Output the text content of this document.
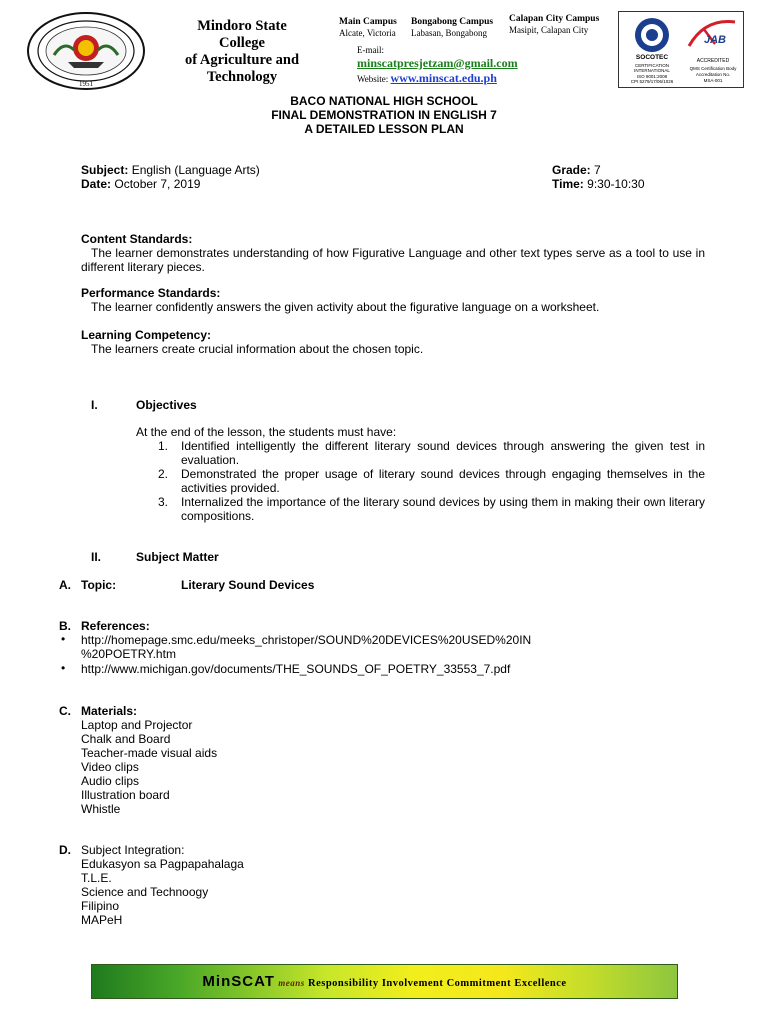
1951
Mindoro State
College
of Agriculture and
Technology
Main Campus
Alcate, Victoria
Bongabong Campus
Labasan, Bongabong
Calapan City Campus
Masipit, Calapan City
E-mail:
minscatpresjetzam@gmail.com
Website: www.minscat.edu.ph
SOCOTEC
CERTIFICATION INTERNATIONAL
ISO 9001:2008
CPI 5279/17/06/1026
JAB
ACCREDITED
QMS Certification Body
Accreditation No.
MSA-001
BACO NATIONAL HIGH SCHOOL
FINAL DEMONSTRATION IN ENGLISH 7
A DETAILED LESSON PLAN
Subject: English (Language Arts)
Date: October 7, 2019
Grade: 7
Time: 9:30-10:30
Content Standards:
The learner demonstrates understanding of how Figurative Language and other text types serve as a tool to use in different literary pieces.
Performance Standards:
The learner confidently answers the given activity about the figurative language on a worksheet.
Learning Competency:
The learners create crucial information about the chosen topic.
I.	Objectives
At the end of the lesson, the students must have:
1. Identified intelligently the different literary sound devices through answering the given test in evaluation.
2. Demonstrated the proper usage of literary sound devices through engaging themselves in the activities provided.
3. Internalized the importance of the literary sound devices by using them in making their own literary compositions.
II.	Subject Matter
A. Topic:	Literary Sound Devices
B. References:
• http://homepage.smc.edu/meeks_christoper/SOUND%20DEVICES%20USED%20IN
%20POETRY.htm
• http://www.michigan.gov/documents/THE_SOUNDS_OF_POETRY_33553_7.pdf
C. Materials:
Laptop and Projector
Chalk and Board
Teacher-made visual aids
Video clips
Audio clips
Illustration board
Whistle
D. Subject Integration:
Edukasyon sa Pagpapahalaga
T.L.E.
Science and Technoogy
Filipino
MAPeH
MinSCAT means Responsibility Involvement Commitment Excellence
